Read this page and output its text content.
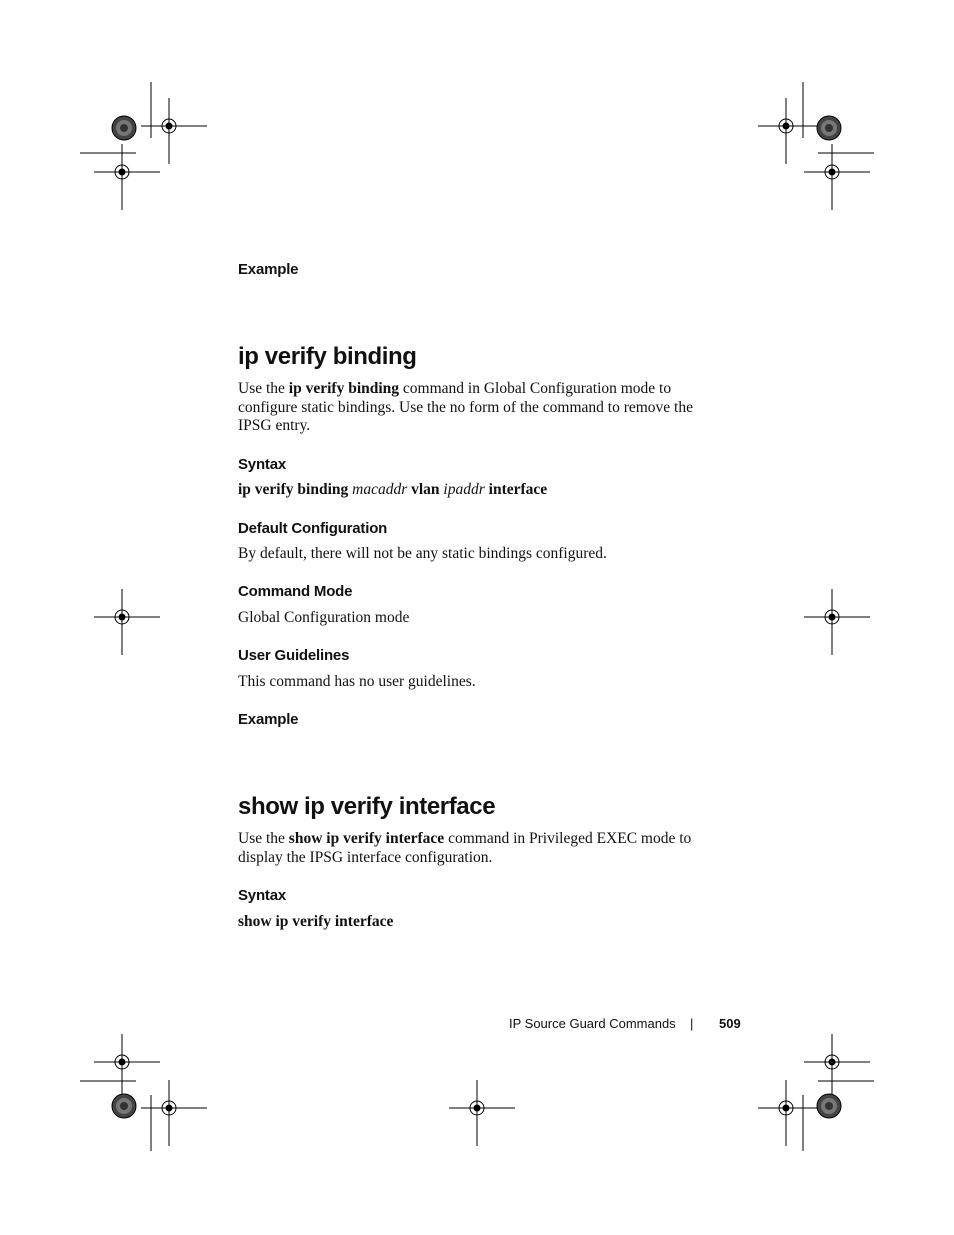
Example
ip verify binding

Use the ip verify binding command in Global Configuration mode to
configure static bindings. Use the no form of the command to remove the
IPSG entry.

Syntax

ip verify binding macaddr vlan ipaddr interface

Default Configuration

By default, there will not be any static bindings configured.

Command Mode

Global Configuration mode

User Guidelines

This command has no user guidelines.

Example
show ip verify interface

Use the show ip verify interface command in Privileged EXEC mode to
display the IPSG interface configuration.

Syntax

show ip verify interface

IP Source Guard Commands | 509
